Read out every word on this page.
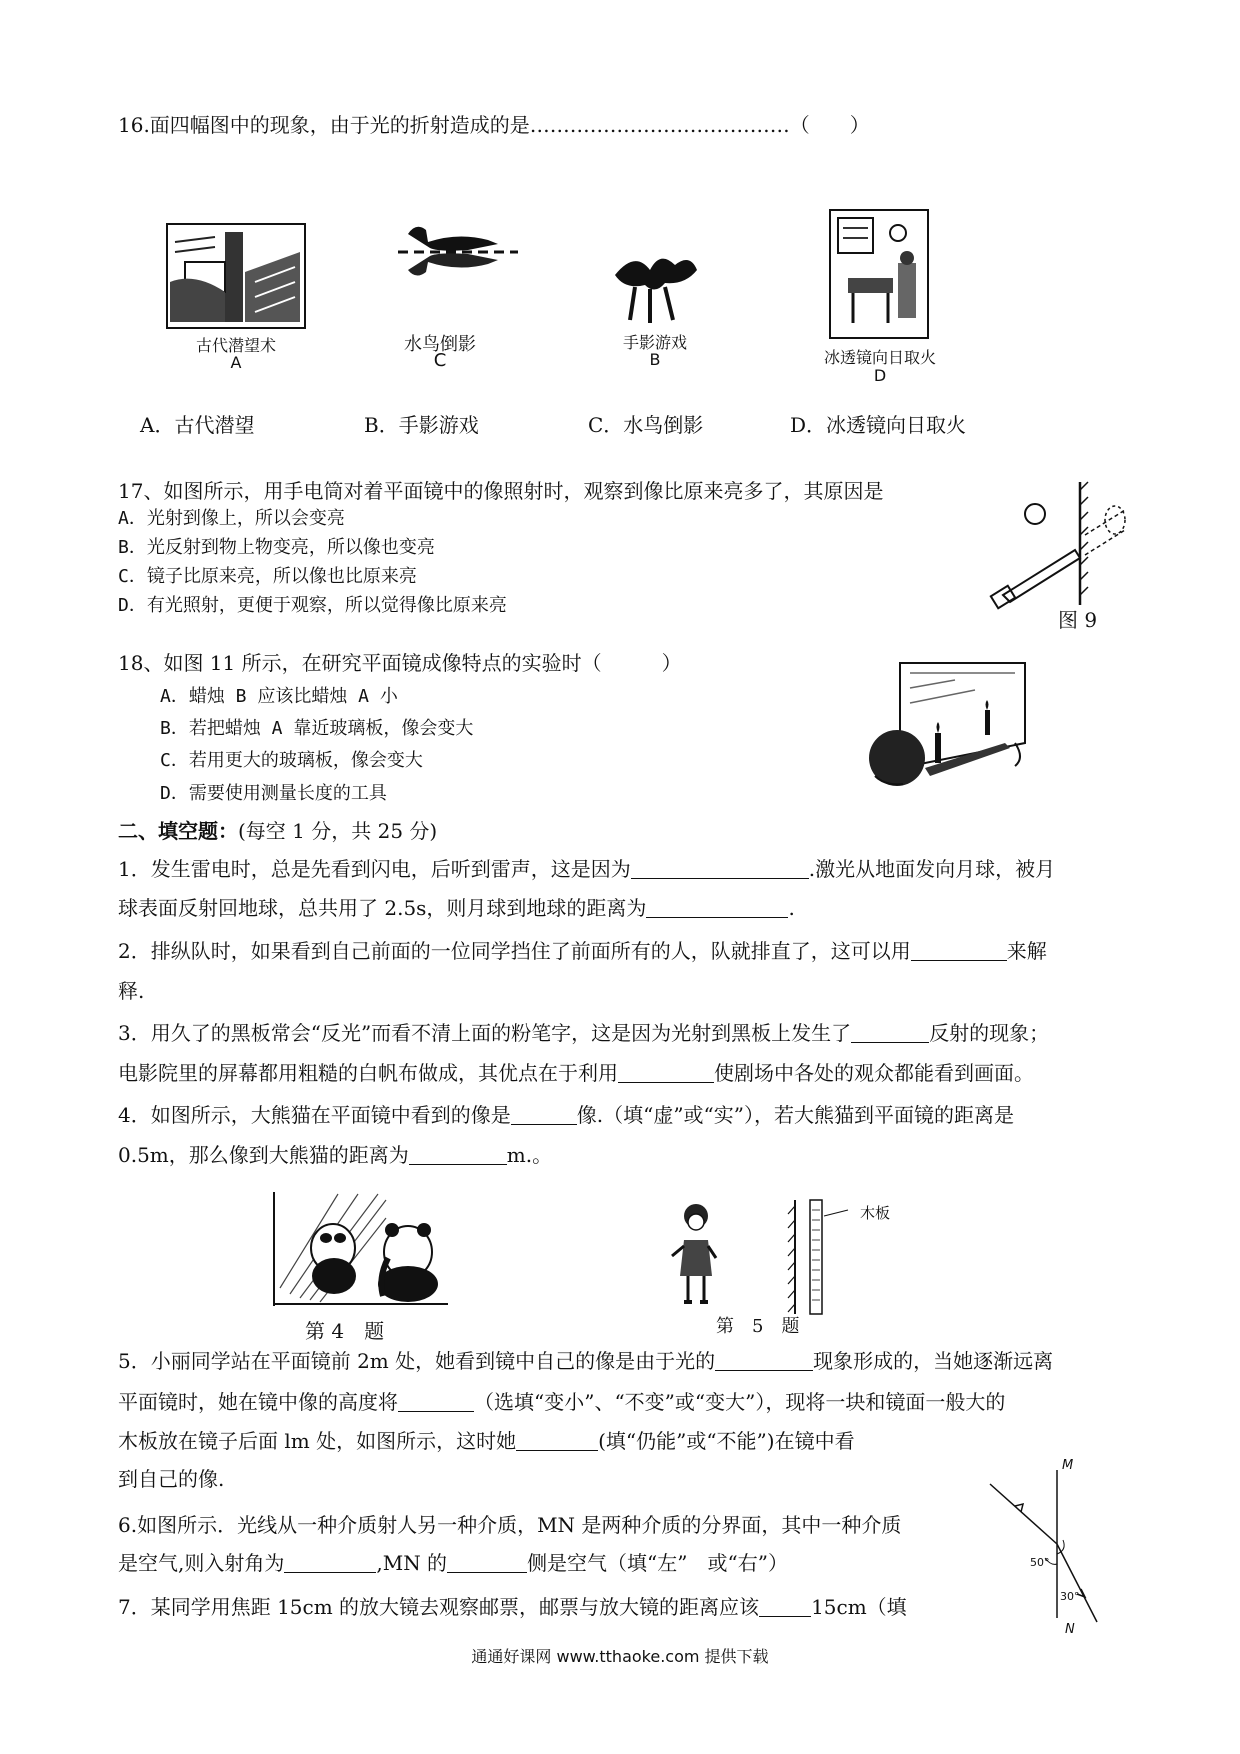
16.面四幅图中的现象，由于光的折射造成的是…………………………………（　　）
古代潜望术
A
水鸟倒影
C
手影游戏
B	冰透镜向日取火
D
A．古代潜望	B．手影游戏	C．水鸟倒影	D．冰透镜向日取火
17、如图所示，用手电筒对着平面镜中的像照射时，观察到像比原来亮多了，其原因是
A．光射到像上，所以会变亮
B．光反射到物上物变亮，所以像也变亮
C．镜子比原来亮，所以像也比原来亮
D．有光照射，更便于观察，所以觉得像比原来亮
图 9
18、如图 11 所示，在研究平面镜成像特点的实验时（　　　）
A．蜡烛 B 应该比蜡烛 A 小
B．若把蜡烛 A 靠近玻璃板，像会变大
C．若用更大的玻璃板，像会变大
D．需要使用测量长度的工具
二、填空题：(每空 1 分，共 25 分)
1．发生雷电时，总是先看到闪电，后听到雷声，这是因为	.激光从地面发向月球，被月
球表面反射回地球，总共用了 2.5s，则月球到地球的距离为	.
2．排纵队时，如果看到自己前面的一位同学挡住了前面所有的人，队就排直了，这可以用	来解
释.
3．用久了的黑板常会“反光”而看不清上面的粉笔字，这是因为光射到黑板上发生了	反射的现象；
电影院里的屏幕都用粗糙的白帆布做成，其优点在于利用	使剧场中各处的观众都能看到画面。
4．如图所示，大熊猫在平面镜中看到的像是	像.（填“虚”或“实”），若大熊猫到平面镜的距离是
0.5m，那么像到大熊猫的距离为	m.。
第 4　题
木板
第　5　题
5．小丽同学站在平面镜前 2m 处，她看到镜中自己的像是由于光的	现象形成的，当她逐渐远离
平面镜时，她在镜中像的高度将	（选填“变小”、“不变”或“变大”），现将一块和镜面一般大的
木板放在镜子后面 lm 处，如图所示，这时她	(填“仍能”或“不能”)在镜中看
到自己的像.
6.如图所示．光线从一种介质射人另一种介质，MN 是两种介质的分界面，其中一种介质
是空气,则入射角为	,MN 的	侧是空气（填“左”　或“右”）
M
N
50°
30°
7．某同学用焦距 15cm 的放大镜去观察邮票，邮票与放大镜的距离应该	15cm（填
通通好课网 www.tthaoke.com 提供下载
